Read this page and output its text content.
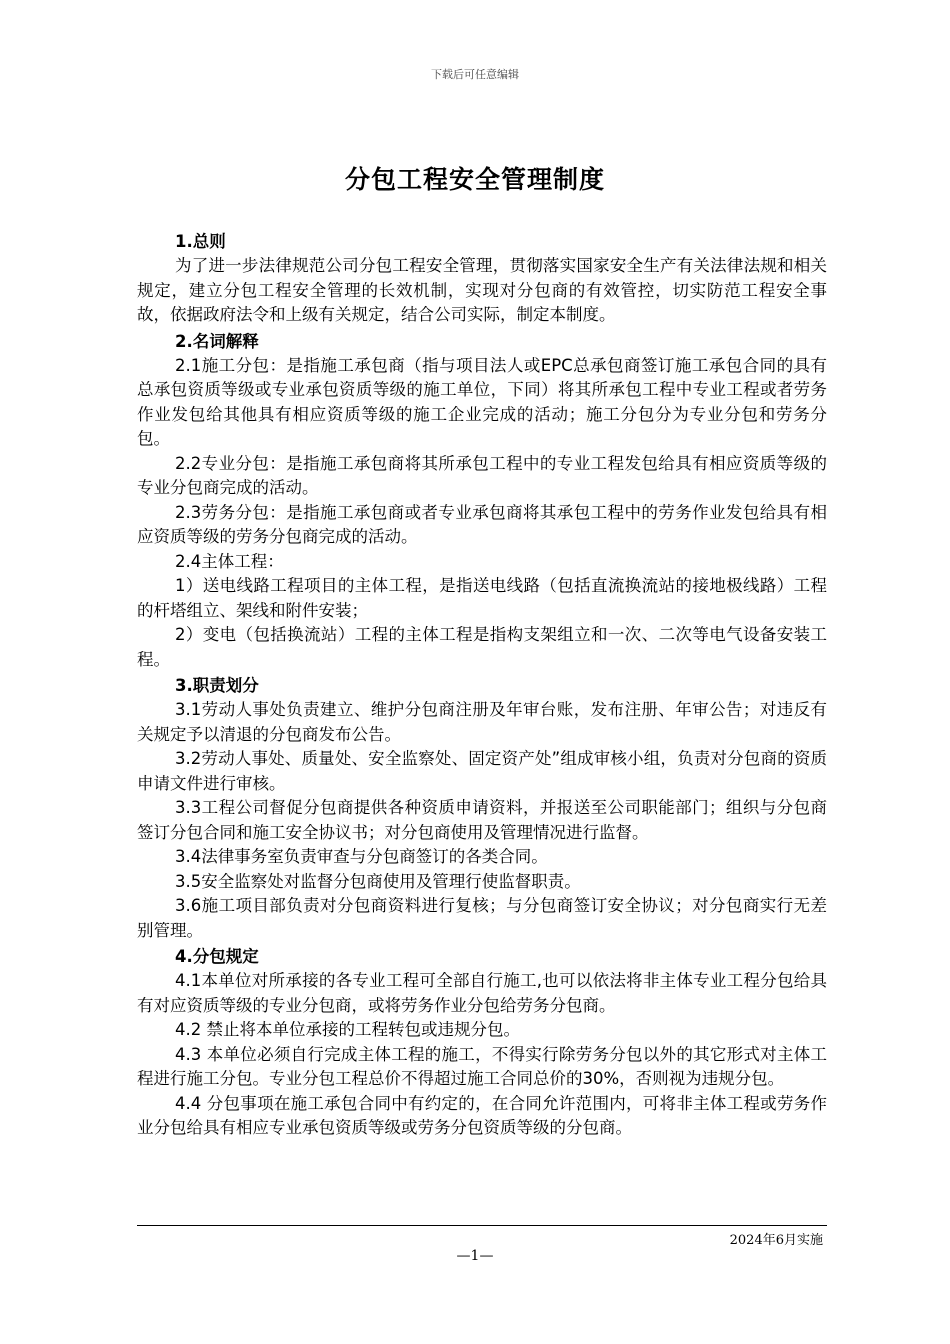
下载后可任意编辑
分包工程安全管理制度

1.总则

为了进一步法律规范公司分包工程安全管理，贯彻落实国家安全生产有关法律法规和相关规定，建立分包工程安全管理的长效机制，实现对分包商的有效管控，切实防范工程安全事故，依据政府法令和上级有关规定，结合公司实际，制定本制度。

2.名词解释

2.1施工分包：是指施工承包商（指与项目法人或EPC总承包商签订施工承包合同的具有总承包资质等级或专业承包资质等级的施工单位，下同）将其所承包工程中专业工程或者劳务作业发包给其他具有相应资质等级的施工企业完成的活动；施工分包分为专业分包和劳务分包。

2.2专业分包：是指施工承包商将其所承包工程中的专业工程发包给具有相应资质等级的专业分包商完成的活动。

2.3劳务分包：是指施工承包商或者专业承包商将其承包工程中的劳务作业发包给具有相应资质等级的劳务分包商完成的活动。

2.4主体工程：

1）送电线路工程项目的主体工程，是指送电线路（包括直流换流站的接地极线路）工程的杆塔组立、架线和附件安装；

2）变电（包括换流站）工程的主体工程是指构支架组立和一次、二次等电气设备安装工程。

3.职责划分

3.1劳动人事处负责建立、维护分包商注册及年审台账，发布注册、年审公告；对违反有关规定予以清退的分包商发布公告。

3.2劳动人事处、质量处、安全监察处、固定资产处”组成审核小组，负责对分包商的资质申请文件进行审核。

3.3工程公司督促分包商提供各种资质申请资料，并报送至公司职能部门；组织与分包商签订分包合同和施工安全协议书；对分包商使用及管理情况进行监督。

3.4法律事务室负责审查与分包商签订的各类合同。

3.5安全监察处对监督分包商使用及管理行使监督职责。

3.6施工项目部负责对分包商资料进行复核；与分包商签订安全协议；对分包商实行无差别管理。

4.分包规定

4.1本单位对所承接的各专业工程可全部自行施工,也可以依法将非主体专业工程分包给具有对应资质等级的专业分包商，或将劳务作业分包给劳务分包商。

4.2 禁止将本单位承接的工程转包或违规分包。

4.3 本单位必须自行完成主体工程的施工，不得实行除劳务分包以外的其它形式对主体工程进行施工分包。专业分包工程总价不得超过施工合同总价的30%，否则视为违规分包。

4.4 分包事项在施工承包合同中有约定的，在合同允许范围内，可将非主体工程或劳务作业分包给具有相应专业承包资质等级或劳务分包资质等级的分包商。

2024年6月实施
—1—
